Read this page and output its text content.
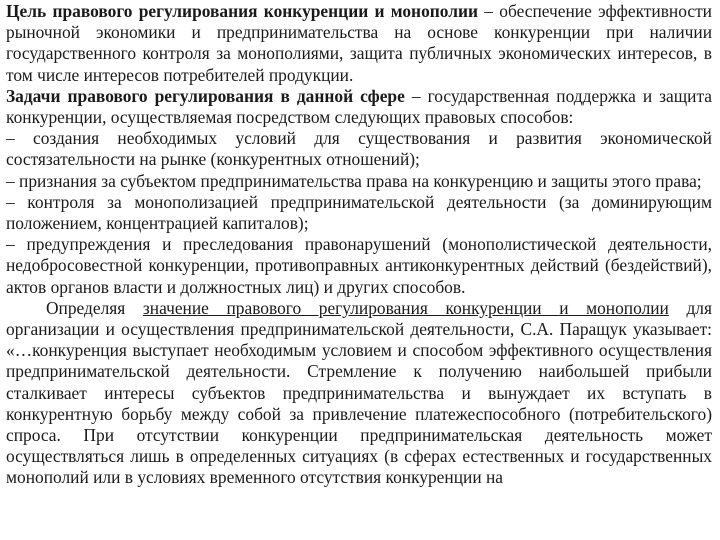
Цель правового регулирования конкуренции и монополии – обеспечение эффективности рыночной экономики и предпринимательства на основе конкуренции при наличии государственного контроля за монополиями, защита публичных экономических интересов, в том числе интересов потребителей продукции.

Задачи правового регулирования в данной сфере – государственная поддержка и защита конкуренции, осуществляемая посредством следующих правовых способов:

– создания необходимых условий для существования и развития экономической состязательности на рынке (конкурентных отношений);

– признания за субъектом предпринимательства права на конкуренцию и защиты этого права;

– контроля за монополизацией предпринимательской деятельности (за доминирующим положением, концентрацией капиталов);

– предупреждения и преследования правонарушений (монополистической деятельности, недобросовестной конкуренции, противоправных антиконкурентных действий (бездействий), актов органов власти и должностных лиц) и других способов.

Определяя значение правового регулирования конкуренции и монополии для организации и осуществления предпринимательской деятельности, С.А. Паращук указывает: «…конкуренция выступает необходимым условием и способом эффективного осуществления предпринимательской деятельности. Стремление к получению наибольшей прибыли сталкивает интересы субъектов предпринимательства и вынуждает их вступать в конкурентную борьбу между собой за привлечение платежеспособного (потребительского) спроса. При отсутствии конкуренции предпринимательская деятельность может осуществляться лишь в определенных ситуациях (в сферах естественных и государственных монополий или в условиях временного отсутствия конкуренции на
